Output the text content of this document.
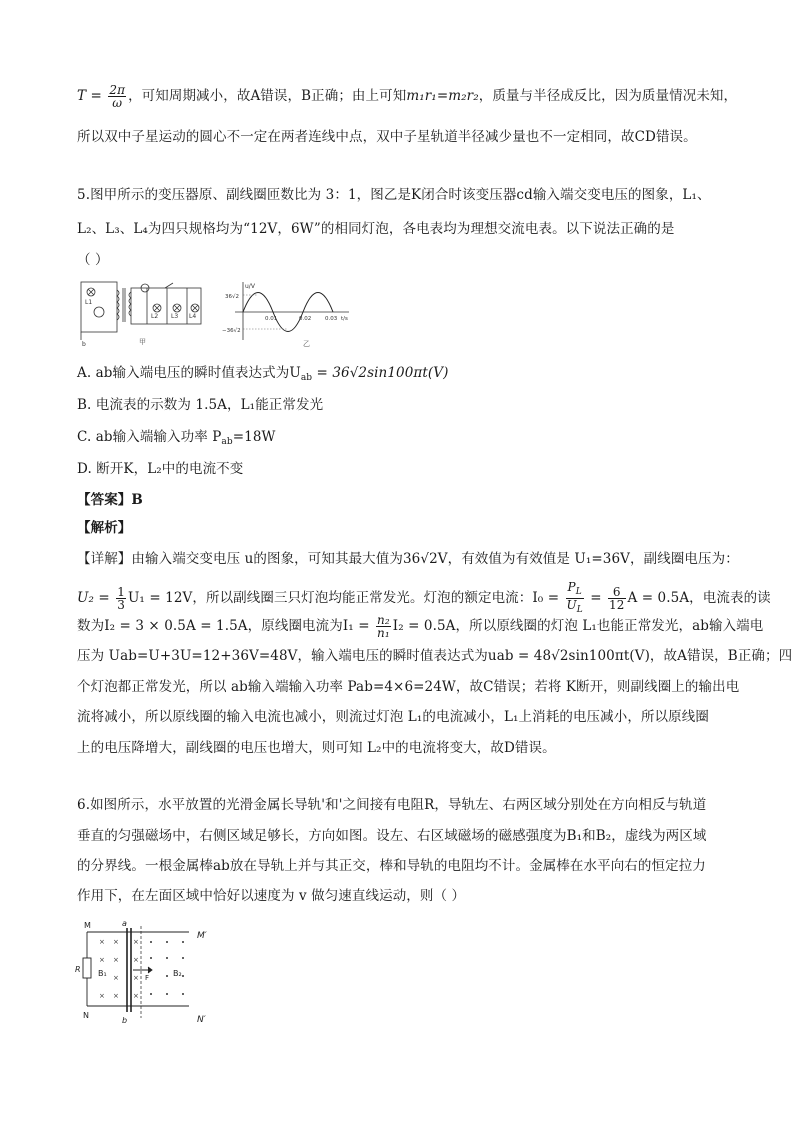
$T = \frac{2\pi}{\omega}$ ，可知周期减小，故A错误，B正确；由上可知m₁r₁=m₂r₂，质量与半径成反比，因为质量情况未知，
所以双中子星运动的圆心不一定在两者连线中点，双中子星轨道半径减少量也不一定相同，故CD错误。
5.图甲所示的变压器原、副线圈匝数比为 3：1，图乙是K闭合时该变压器cd输入端交变电压的图象，L₁、
L₂、L₃、L₄为四只规格均为“12V，6W”的相同灯泡，各电表均为理想交流电表。以下说法正确的是
（ ）
b
L2 L3 L4
L1
甲
u/V
36√2
−36√2
0.01	0.02	0.03 t/s
乙
A. ab输入端电压的瞬时值表达式为$U_{ab} = 36√2\sin 100\pi t(V)$
B. 电流表的示数为 1.5A，L₁能正常发光
C. ab输入端输入功率 $P_{ab}=18W$
D. 断开K，L₂中的电流不变
【答案】B
【解析】
【详解】由输入端交变电压 u的图象，可知其最大值为36√2V，有效值为有效值是 U₁=36V，副线圈电压为：
$U_2 = \frac{1}{3} U_1 = 12V$，所以副线圈三只灯泡均能正常发光。灯泡的额定电流：$I_0 = \frac{P_L}{U_L} = \frac{6}{12}$ A = 0.5A，电流表的读
数为I₂ = 3 × 0.5A = 1.5A，原线圈电流为$I_1 = \frac{\text{n₂}}{\text{n₁}} I_2 = 0.5A$，所以原线圈的灯泡 L₁也能正常发光，ab输入端电
压为 Uab=U+3U=12+36V=48V，输入端电压的瞬时值表达式为uab = 48√2sin100πt(V)，故A错误，B正确；四
个灯泡都正常发光，所以 ab输入端输入功率 Pab=4×6=24W，故C错误；若将 K断开，则副线圈上的输出电
流将减小，所以原线圈的输入电流也减小，则流过灯泡 L₁的电流减小，L₁上消耗的电压减小，所以原线圈
上的电压降增大，副线圈的电压也增大，则可知 L₂中的电流将变大，故D错误。
6.如图所示，水平放置的光滑金属长导轨'和'之间接有电阻R，导轨左、右两区域分别处在方向相反与轨道
垂直的匀强磁场中，右侧区域足够长，方向如图。设左、右区域磁场的磁感强度为B₁和B₂，虚线为两区域
的分界线。一根金属棒ab放在导轨上并与其正交，棒和导轨的电阻均不计。金属棒在水平向右的恒定拉力
作用下，在左面区域中恰好以速度为 v 做匀速直线运动，则（ ）
× × ×
× × ×
× ×
× × ×
M
N
M′
N′
a
b
R B₁	B₂
F
